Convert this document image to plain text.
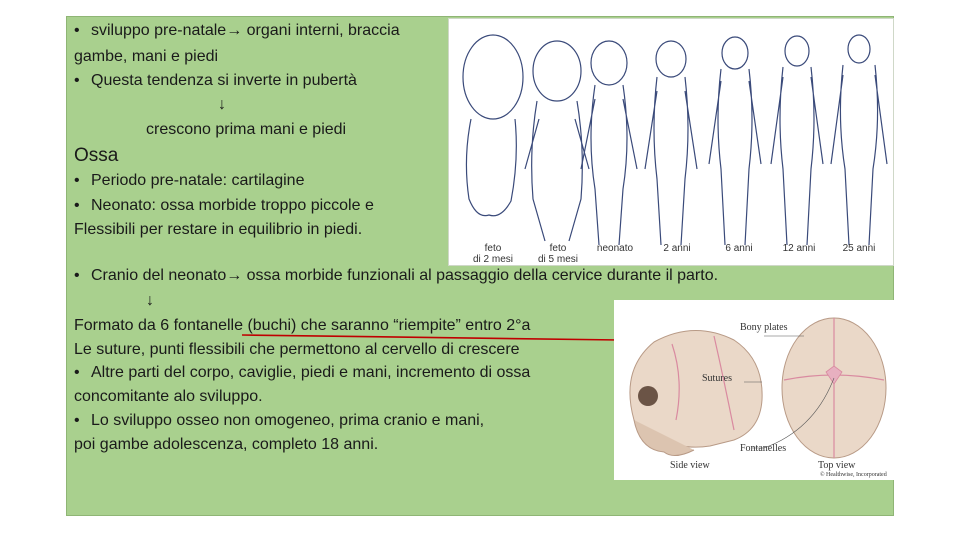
• sviluppo pre-natale→ organi interni, braccia
gambe, mani e piedi
• Questa tendenza si inverte in pubertà
↓
crescono prima mani e piedi
Ossa
• Periodo pre-natale: cartilagine
• Neonato: ossa morbide troppo piccole e
Flessibili per restare in equilibrio in piedi.
feto
di 2 mesi
feto
di 5 mesi
neonato	2 anni	6 anni	12 anni	25 anni
• Cranio del neonato→ ossa morbide funzionali al passaggio della cervice durante il parto.
↓
Formato da 6 fontanelle (buchi) che saranno “riempite” entro 2°a
Le suture, punti flessibili che permettono al cervello di crescere
• Altre parti del corpo, caviglie, piedi e mani, incremento di ossa
concomitante alo sviluppo.
• Lo sviluppo osseo non omogeneo, prima cranio e mani,
poi gambe adolescenza, completo 18 anni.
Bony plates
Sutures
Fontanelles
Side view	Top view
© Healthwise, Incorporated
